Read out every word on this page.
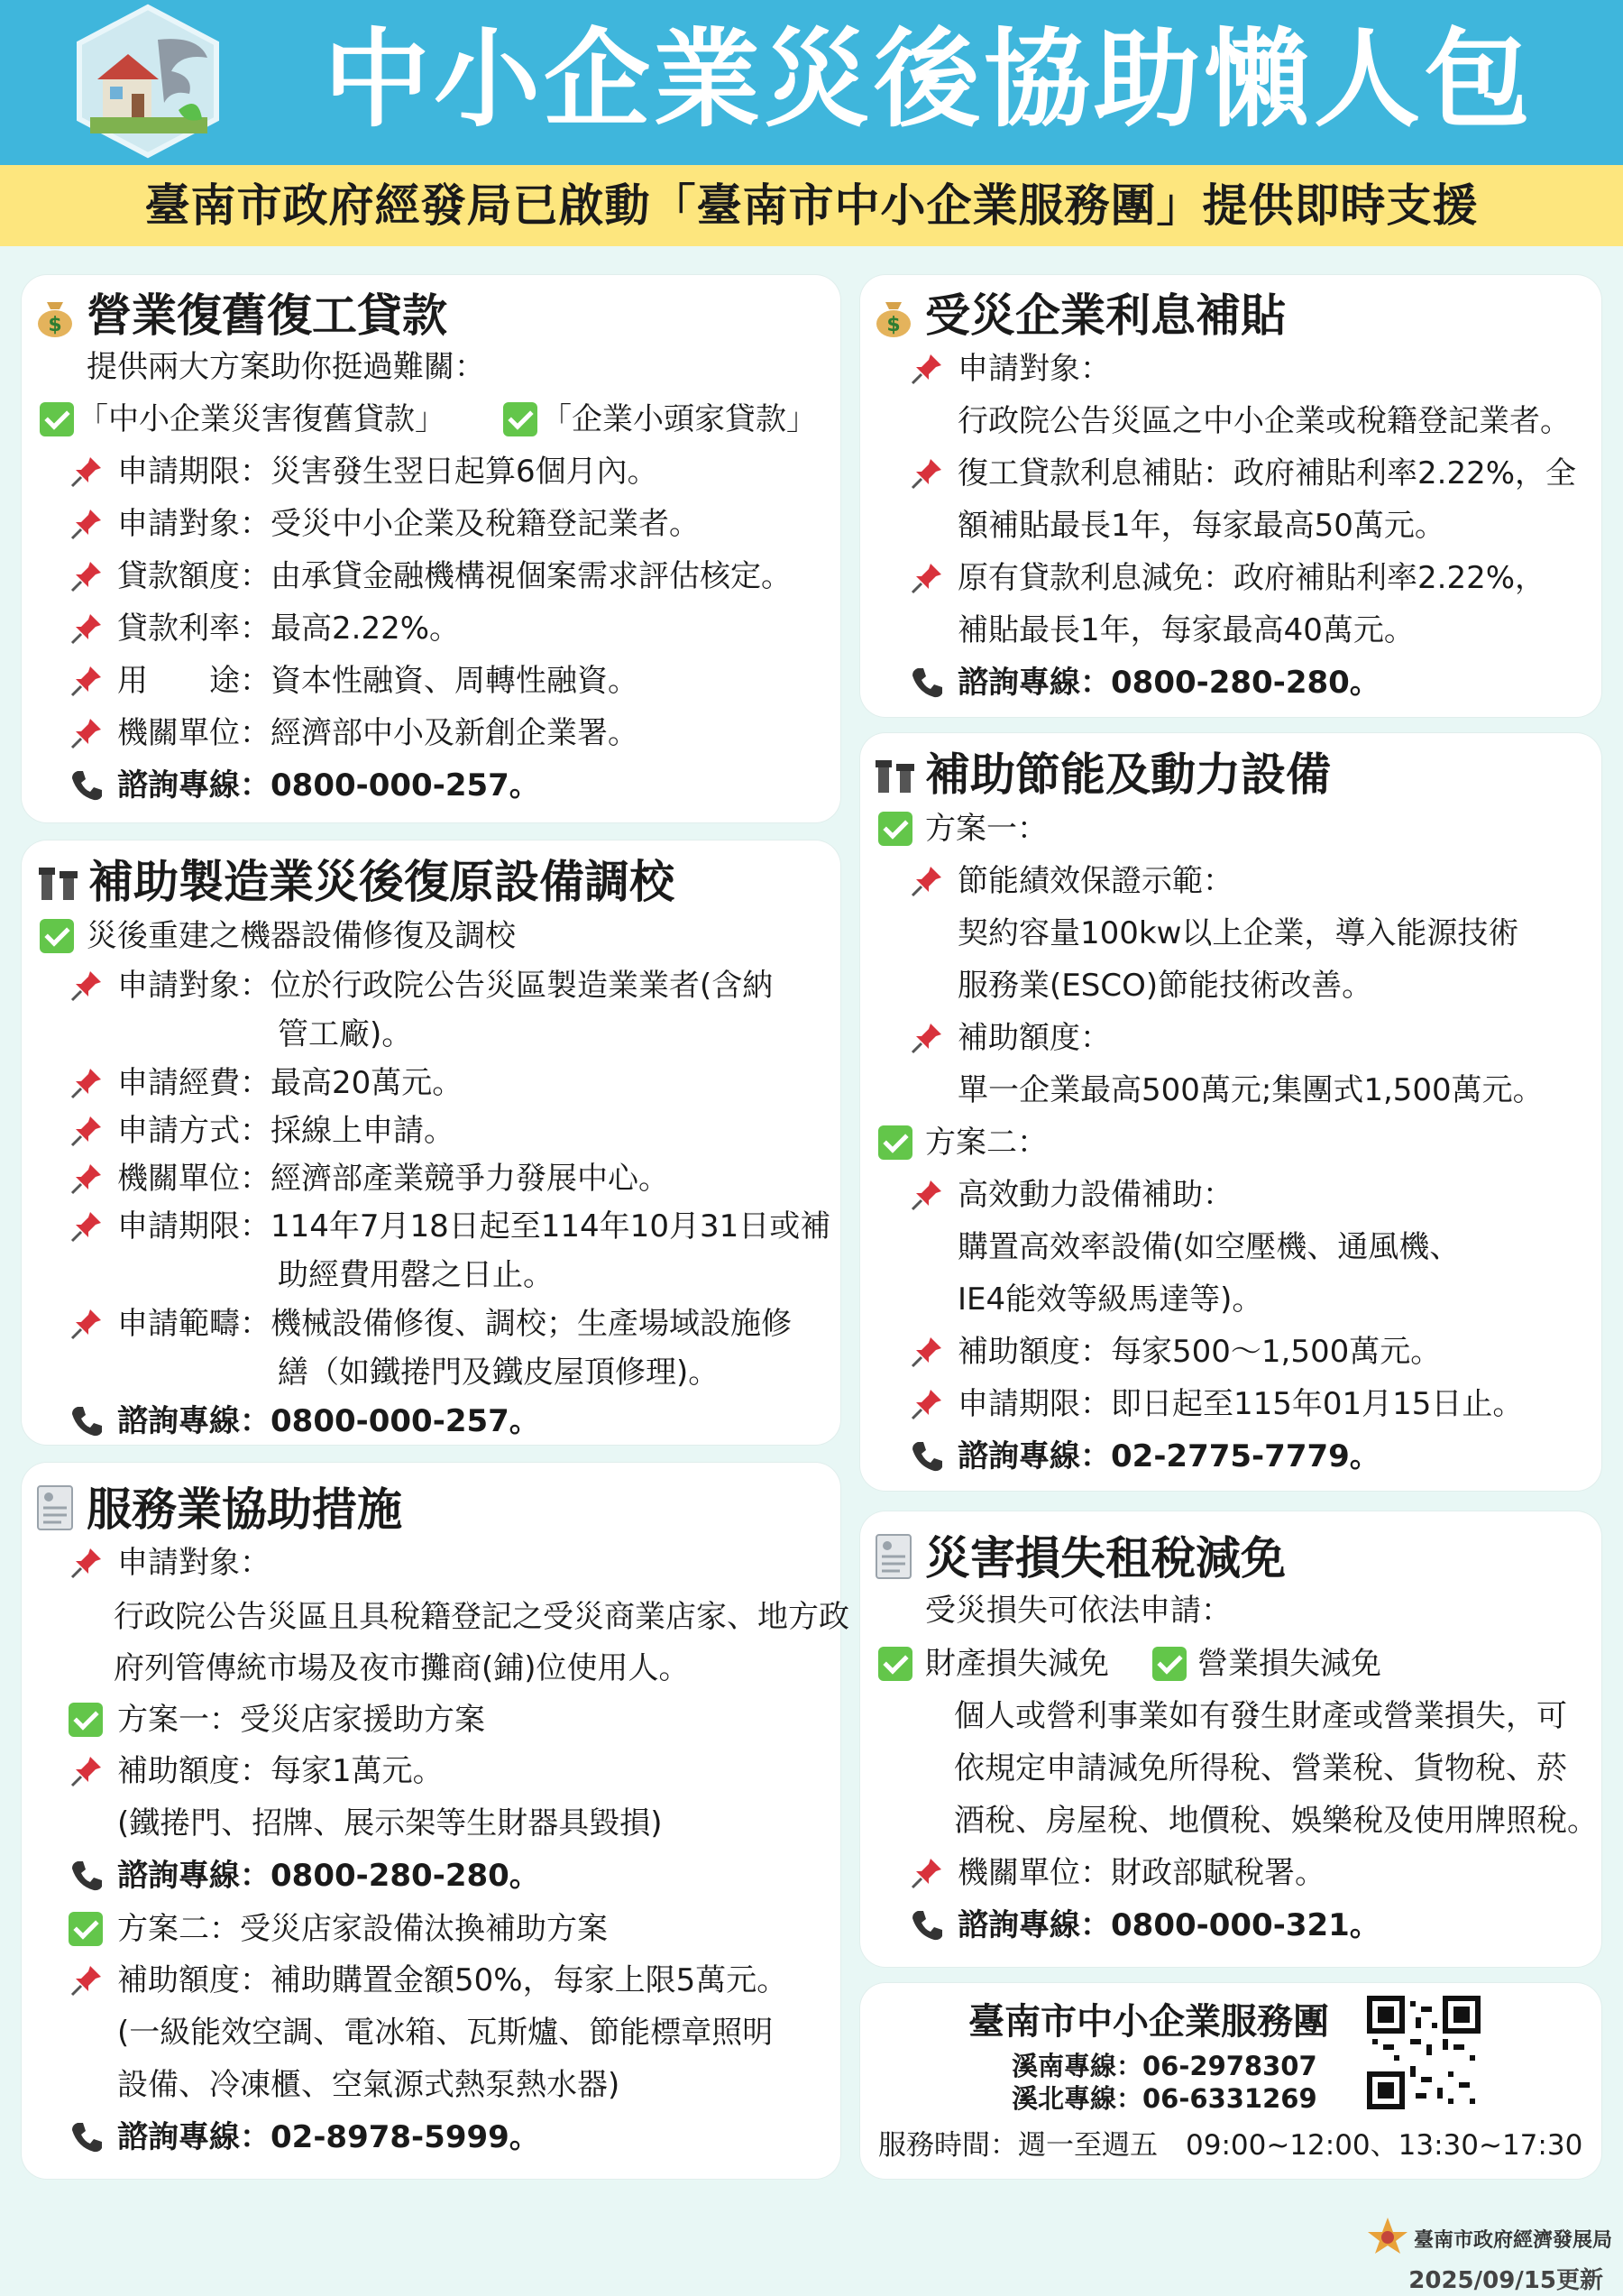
中小企業災後協助懶人包
臺南市政府經發局已啟動「臺南市中小企業服務團」提供即時支援
$ 營業復舊復工貸款
提供兩大方案助你挺過難關：
「中小企業災害復舊貸款」	「企業小頭家貸款」
申請期限：災害發生翌日起算6個月內。
申請對象：受災中小企業及稅籍登記業者。
貸款額度：由承貸金融機構視個案需求評估核定。
貸款利率：最高2.22%。
用　　途：資本性融資、周轉性融資。
機關單位：經濟部中小及新創企業署。
諮詢專線：0800-000-257。
補助製造業災後復原設備調校
災後重建之機器設備修復及調校
申請對象：位於行政院公告災區製造業業者(含納
管工廠)。
申請經費：最高20萬元。
申請方式：採線上申請。
機關單位：經濟部產業競爭力發展中心。
申請期限：114年7月18日起至114年10月31日或補
助經費用罄之日止。
申請範疇：機械設備修復、調校；生產場域設施修
繕（如鐵捲門及鐵皮屋頂修理)。
諮詢專線：0800-000-257。
服務業協助措施
申請對象：
行政院公告災區且具稅籍登記之受災商業店家、地方政
府列管傳統市場及夜市攤商(鋪)位使用人。
方案一：受災店家援助方案
補助額度：每家1萬元。
(鐵捲門、招牌、展示架等生財器具毀損)
諮詢專線：0800-280-280。
方案二：受災店家設備汰換補助方案
補助額度：補助購置金額50%，每家上限5萬元。
(一級能效空調、電冰箱、瓦斯爐、節能標章照明
設備、冷凍櫃、空氣源式熱泵熱水器)
諮詢專線：02-8978-5999。
$ 受災企業利息補貼
申請對象：
行政院公告災區之中小企業或稅籍登記業者。
復工貸款利息補貼：政府補貼利率2.22%，全
額補貼最長1年，每家最高50萬元。
原有貸款利息減免：政府補貼利率2.22%，
補貼最長1年，每家最高40萬元。
諮詢專線：0800-280-280。
補助節能及動力設備
方案一：
節能績效保證示範：
契約容量100kw以上企業，導入能源技術
服務業(ESCO)節能技術改善。
補助額度：
單一企業最高500萬元;集團式1,500萬元。
方案二：
高效動力設備補助：
購置高效率設備(如空壓機、通風機、
IE4能效等級馬達等)。
補助額度：每家500～1,500萬元。
申請期限：即日起至115年01月15日止。
諮詢專線：02-2775-7779。
災害損失租稅減免
受災損失可依法申請：
財產損失減免	營業損失減免
個人或營利事業如有發生財產或營業損失，可
依規定申請減免所得稅、營業稅、貨物稅、菸
酒稅、房屋稅、地價稅、娛樂稅及使用牌照稅。
機關單位：財政部賦稅署。
諮詢專線：0800-000-321。
臺南市中小企業服務團
溪南專線：06-2978307
溪北專線：06-6331269
服務時間：週一至週五　09:00~12:00、13:30~17:30
臺南市政府經濟發展局
2025/09/15更新
